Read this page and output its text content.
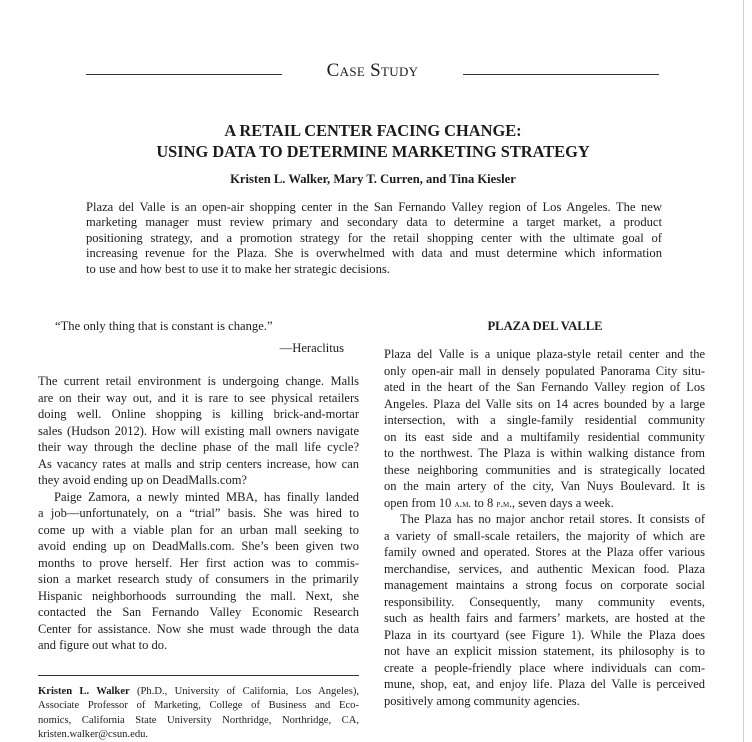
Case Study
A RETAIL CENTER FACING CHANGE:
USING DATA TO DETERMINE MARKETING STRATEGY
Kristen L. Walker, Mary T. Curren, and Tina Kiesler
Plaza del Valle is an open-air shopping center in the San Fernando Valley region of Los Angeles. The new
marketing manager must review primary and secondary data to determine a target market, a product
positioning strategy, and a promotion strategy for the retail shopping center with the ultimate goal of
increasing revenue for the Plaza. She is overwhelmed with data and must determine which information
to use and how best to use it to make her strategic decisions.
“The only thing that is constant is change.”
—Heraclitus
The current retail environment is undergoing change. Malls
are on their way out, and it is rare to see physical retailers
doing well. Online shopping is killing brick-and-mortar
sales (Hudson 2012). How will existing mall owners navigate
their way through the decline phase of the mall life cycle?
As vacancy rates at malls and strip centers increase, how can
they avoid ending up on DeadMalls.com?
Paige Zamora, a newly minted MBA, has finally landed
a job—unfortunately, on a “trial” basis. She was hired to
come up with a viable plan for an urban mall seeking to
avoid ending up on DeadMalls.com. She’s been given two
months to prove herself. Her first action was to commis-
sion a market research study of consumers in the primarily
Hispanic neighborhoods surrounding the mall. Next, she
contacted the San Fernando Valley Economic Research
Center for assistance. Now she must wade through the data
and figure out what to do.
Kristen L. Walker (Ph.D., University of California, Los Angeles),
Associate Professor of Marketing, College of Business and Eco-
nomics, California State University Northridge, Northridge, CA,
kristen.walker@csun.edu.
PLAZA DEL VALLE
Plaza del Valle is a unique plaza-style retail center and the
only open-air mall in densely populated Panorama City situ-
ated in the heart of the San Fernando Valley region of Los
Angeles. Plaza del Valle sits on 14 acres bounded by a large
intersection, with a single-family residential community
on its east side and a multifamily residential community
to the northwest. The Plaza is within walking distance from
these neighboring communities and is strategically located
on the main artery of the city, Van Nuys Boulevard. It is
open from 10 a.m. to 8 p.m., seven days a week.
The Plaza has no major anchor retail stores. It consists of
a variety of small-scale retailers, the majority of which are
family owned and operated. Stores at the Plaza offer various
merchandise, services, and authentic Mexican food. Plaza
management maintains a strong focus on corporate social
responsibility. Consequently, many community events,
such as health fairs and farmers’ markets, are hosted at the
Plaza in its courtyard (see Figure 1). While the Plaza does
not have an explicit mission statement, its philosophy is to
create a people-friendly place where individuals can com-
mune, shop, eat, and enjoy life. Plaza del Valle is perceived
positively among community agencies.
